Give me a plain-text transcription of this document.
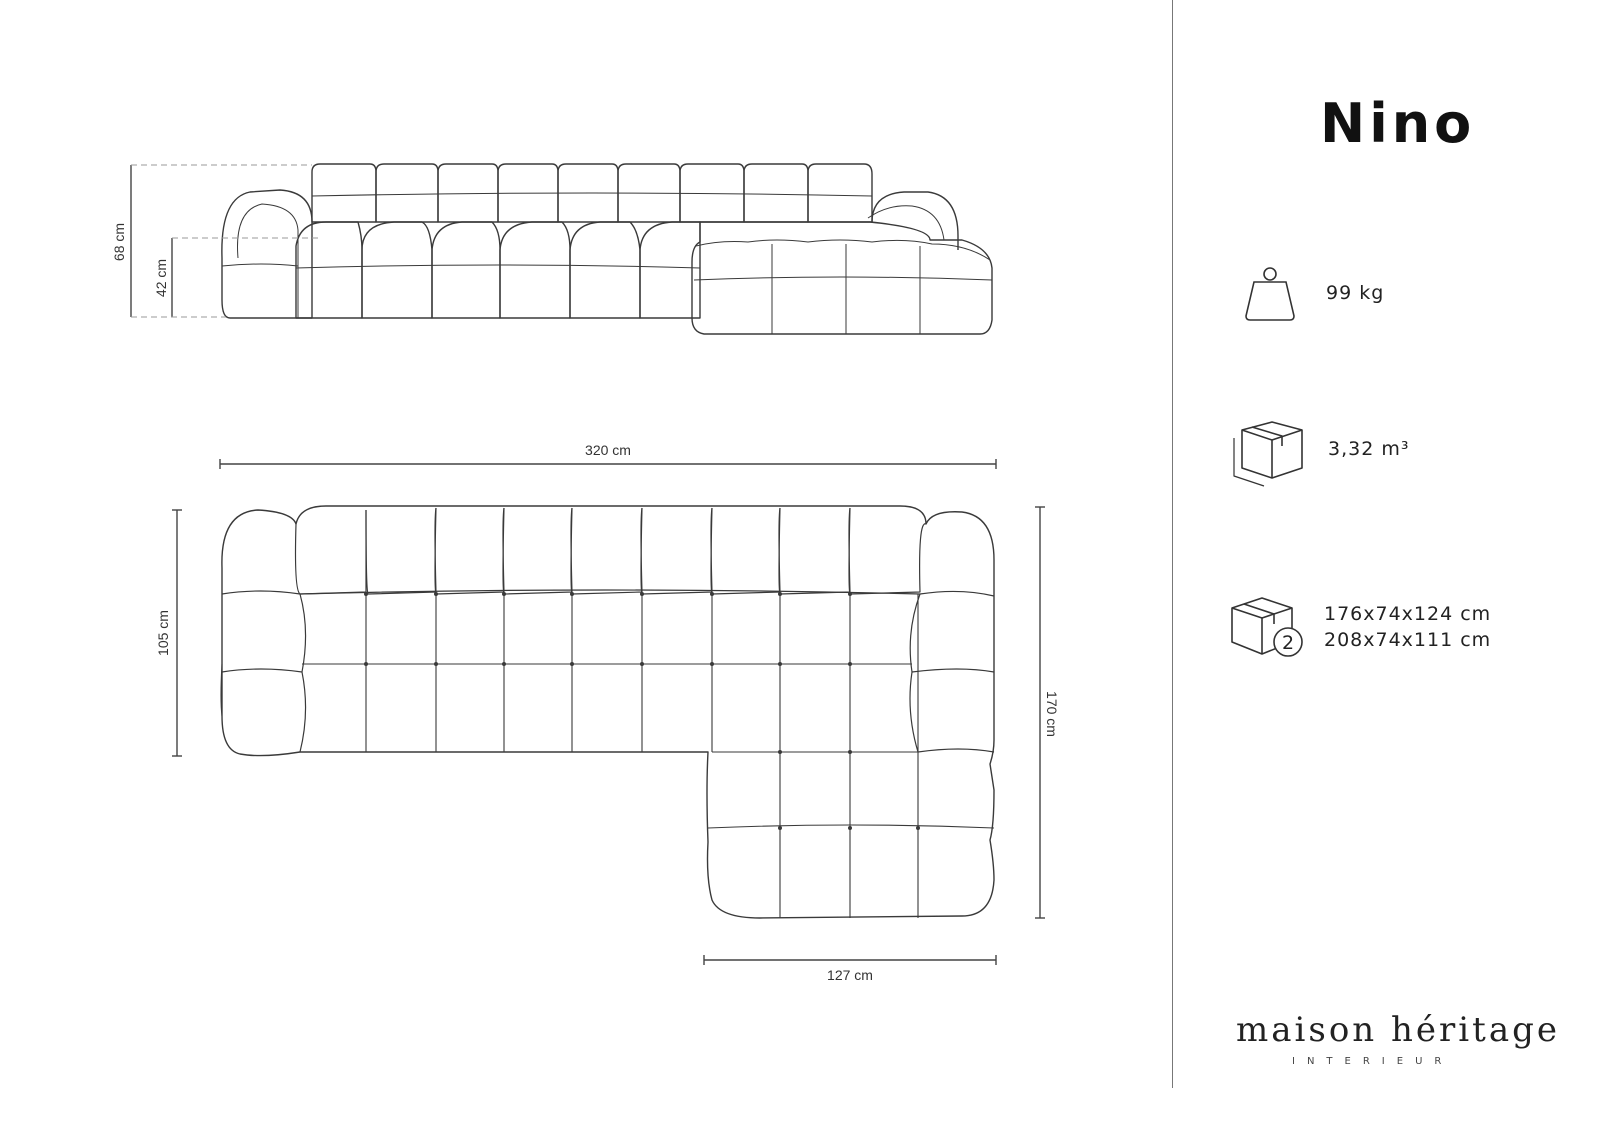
68 cm
42 cm
320 cm
105 cm
170 cm
127 cm
Nino
99 kg
3,32 m³
2
176x74x124 cm
208x74x111 cm
maison héritage
INTERIEUR
